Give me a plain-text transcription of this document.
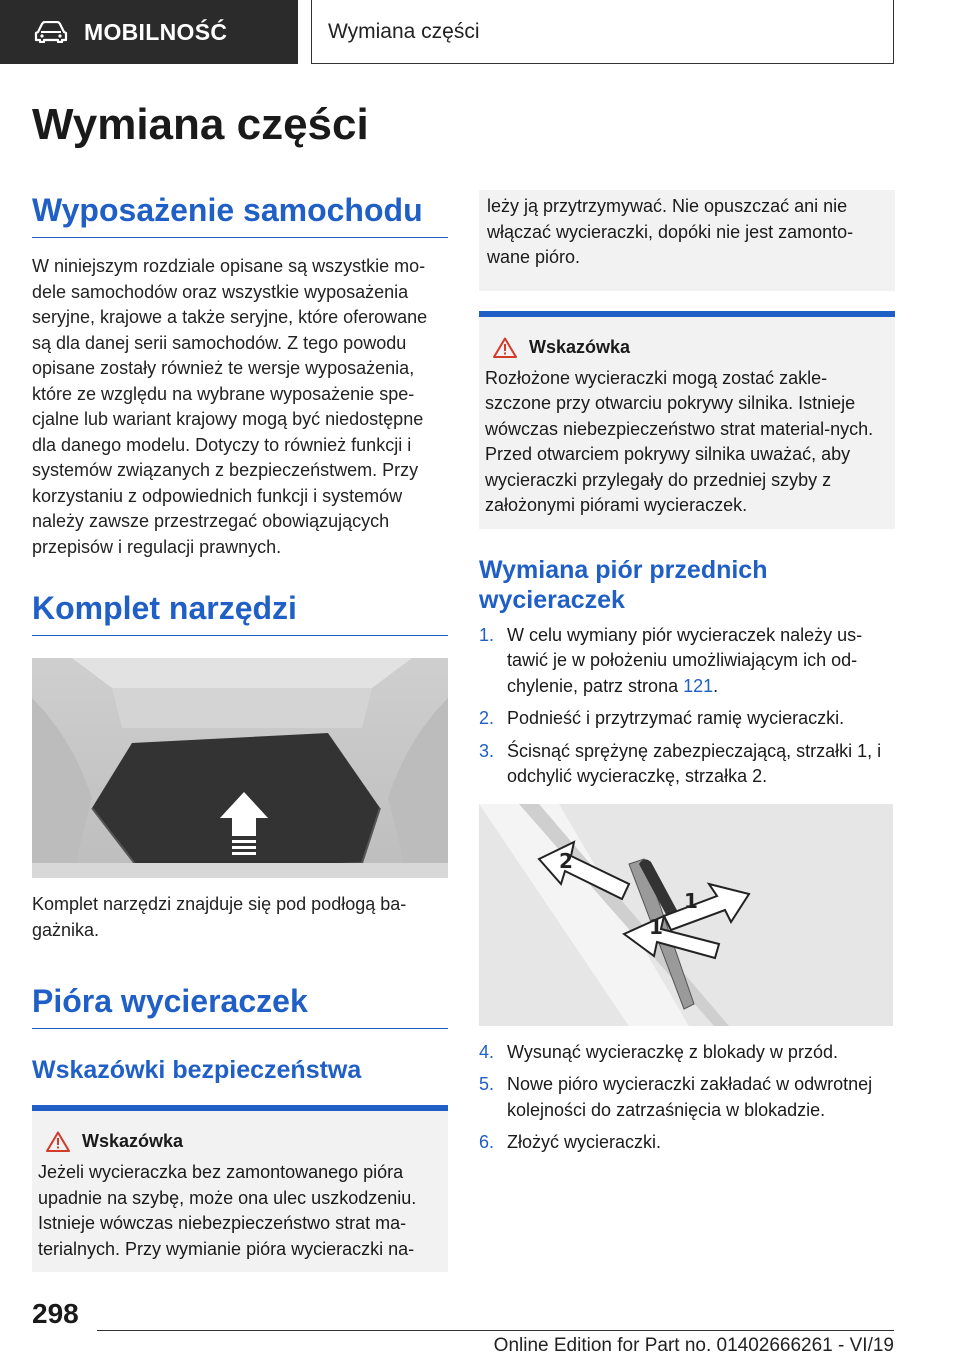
MOBILNOŚĆ	Wymiana części
Wymiana części
Wyposażenie samochodu

W niniejszym rozdziale opisane są wszystkie mo-dele samochodów oraz wszystkie wyposażenia seryjne, krajowe a także seryjne, które oferowane są dla danej serii samochodów. Z tego powodu opisane zostały również te wersje wyposażenia, które ze względu na wybrane wyposażenie spe-cjalne lub wariant krajowy mogą być niedostępne dla danego modelu. Dotyczy to również funkcji i systemów związanych z bezpieczeństwem. Przy korzystaniu z odpowiednich funkcji i systemów należy zawsze przestrzegać obowiązujących przepisów i regulacji prawnych.

Komplet narzędzi

Komplet narzędzi znajduje się pod podłogą ba-gażnika.

Pióra wycieraczek
Wskazówki bezpieczeństwa
Wskazówka
Jeżeli wycieraczka bez zamontowanego pióra upadnie na szybę, może ona ulec uszkodzeniu. Istnieje wówczas niebezpieczeństwo strat ma-terialnych. Przy wymianie pióra wycieraczki na-
leży ją przytrzymywać. Nie opuszczać ani nie włączać wycieraczki, dopóki nie jest zamonto-wane pióro.
Wskazówka
Rozłożone wycieraczki mogą zostać zakle-szczone przy otwarciu pokrywy silnika. Istnieje wówczas niebezpieczeństwo strat material-nych. Przed otwarciem pokrywy silnika uważać, aby wycieraczki przylegały do przedniej szyby z założonymi piórami wycieraczek.
Wymiana piór przednich wycieraczek
1. W celu wymiany piór wycieraczek należy us-tawić je w położeniu umożliwiającym ich od-chylenie, patrz strona 121.
2. Podnieść i przytrzymać ramię wycieraczki.
3. Ścisnąć sprężynę zabezpieczającą, strzałki 1, i odchylić wycieraczkę, strzałka 2.
2
1
1
4. Wysunąć wycieraczkę z blokady w przód.
5. Nowe pióro wycieraczki zakładać w odwrotnej kolejności do zatrzaśnięcia w blokadzie.
6. Złożyć wycieraczki.
298
Online Edition for Part no. 01402666261 - VI/19
